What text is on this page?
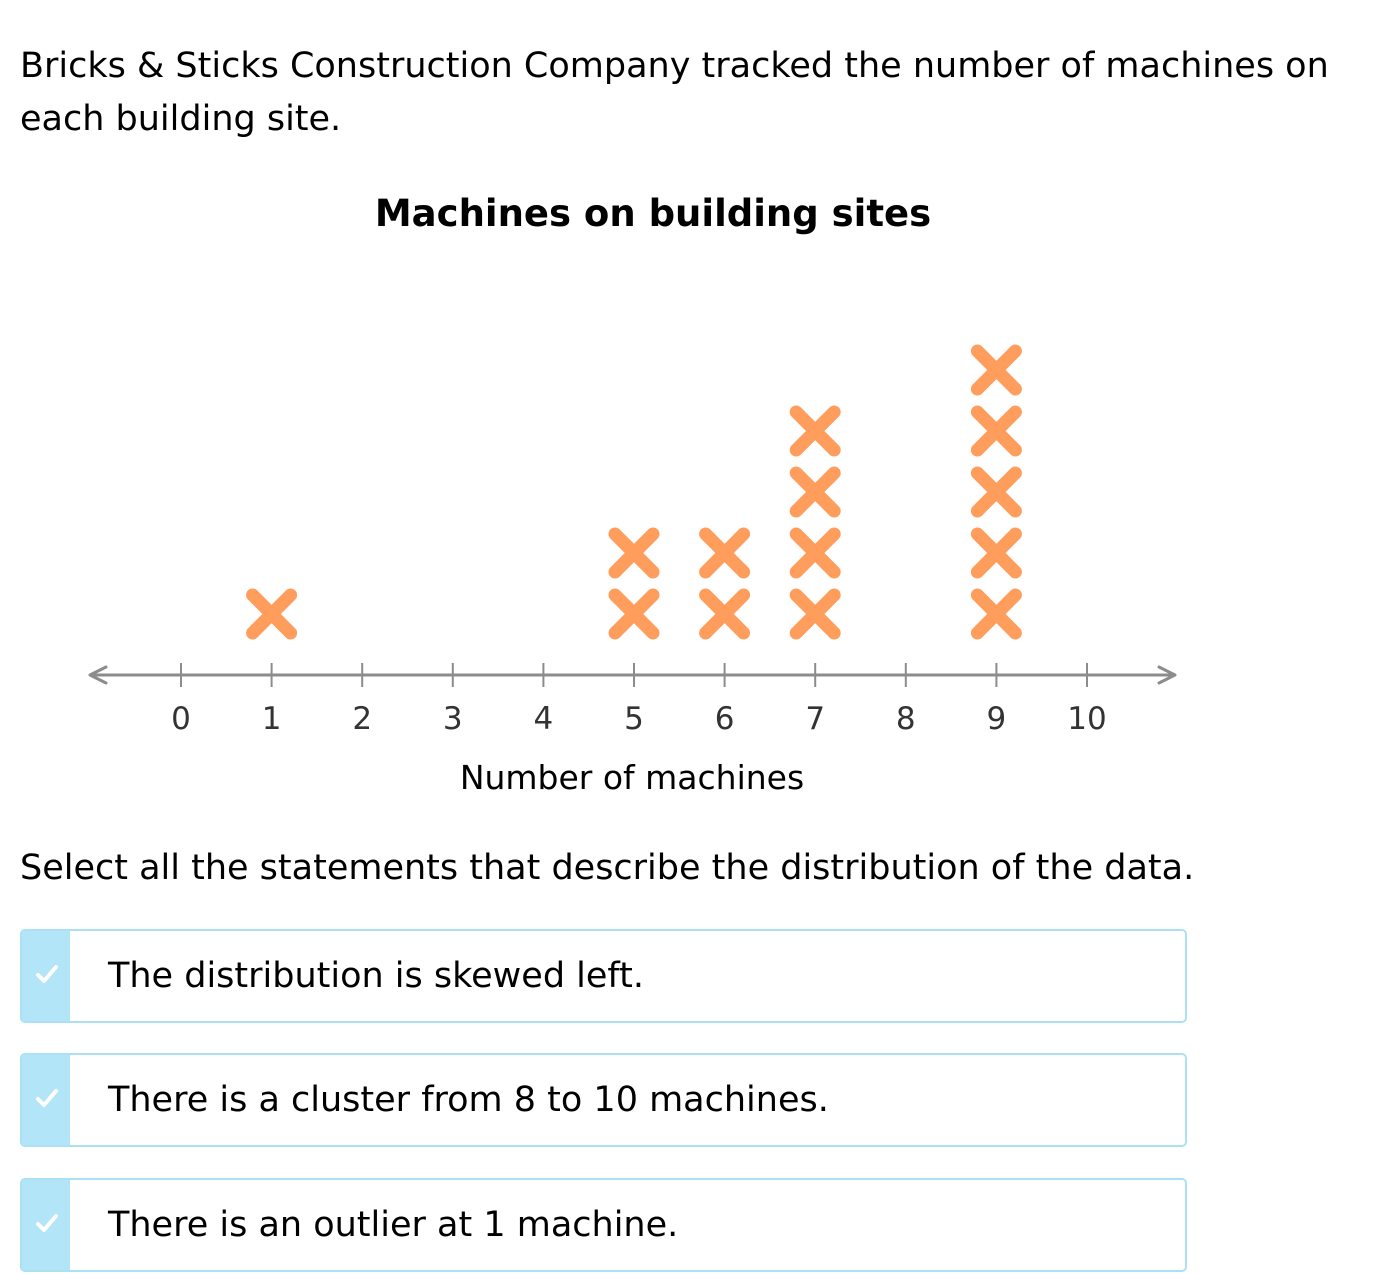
Bricks & Sticks Construction Company tracked the number of machines on each building site.

Machines on building sites
0 1 2 3 4 5 6 7 8 9 10
Number of machines

Select all the statements that describe the distribution of the data.

The distribution is skewed left.
There is a cluster from 8 to 10 machines.
There is an outlier at 1 machine.
